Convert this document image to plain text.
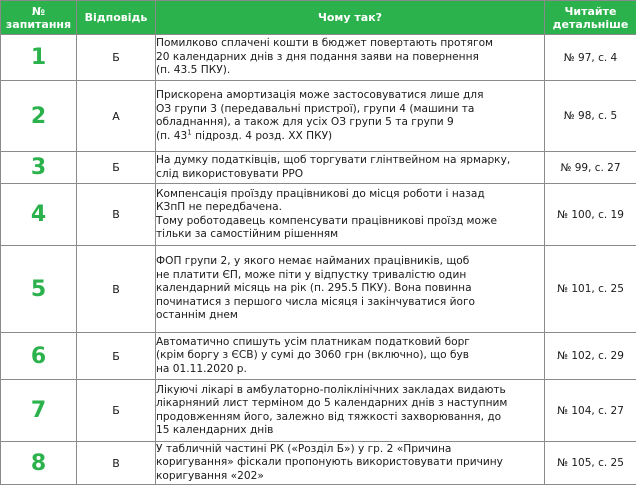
№
запитання	Відповідь	Чому так?	Читайте
детальніше
1	Б	Помилково сплачені кошти в бюджет повертають протягом
20 календарних днів з дня подання заяви на повернення
(п. 43.5 ПКУ).	№ 97, с. 4
2	А	Прискорена амортизація може застосовуватися лише для
ОЗ групи 3 (передавальні пристрої), групи 4 (машини та
обладнання), а також для усіх ОЗ групи 5 та групи 9
(п. $43^1$ підрозд. 4 розд. ХХ ПКУ)	№ 98, с. 5
3	Б	На думку податківців, щоб торгувати глінтвейном на ярмарку,
слід використовувати РРО	№ 99, с. 27
4	В	Компенсація проїзду працівникові до місця роботи і назад
КЗпП не передбачена.
Тому роботодавець компенсувати працівникові проїзд може
тільки за самостійним рішенням	№ 100, с. 19
5	В	ФОП групи 2, у якого немає найманих працівників, щоб
не платити ЄП, може піти у відпустку тривалістю один
календарний місяць на рік (п. 295.5 ПКУ). Вона повинна
починатися з першого числа місяця і закінчуватися його
останнім днем	№ 101, с. 25
6	Б	Автоматично спишуть усім платникам податковий борг
(крім боргу з ЄСВ) у сумі до 3060 грн (включно), що був
на 01.11.2020 р.	№ 102, с. 29
7	Б	Лікуючі лікарі в амбулаторно-поліклінічних закладах видають
лікарняний лист терміном до 5 календарних днів з наступним
продовженням його, залежно від тяжкості захворювання, до
15 календарних днів	№ 104, с. 27
8	В	У табличній частині РК («Розділ Б») у гр. 2 «Причина
коригування» фіскали пропонують використовувати причину
коригування «202»	№ 105, с. 25
